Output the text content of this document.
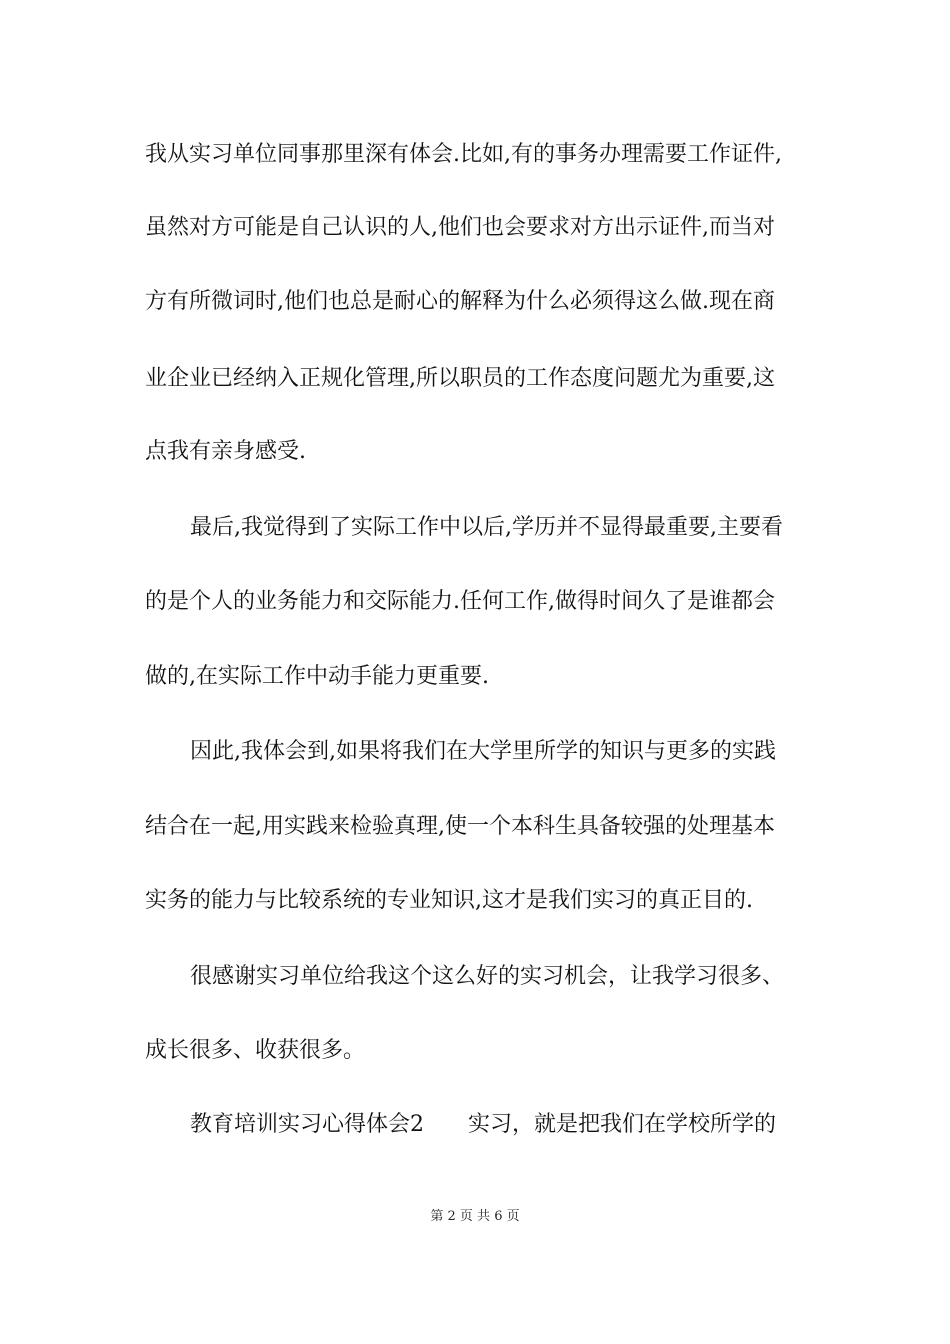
我从实习单位同事那里深有体会.比如,有的事务办理需要工作证件,
虽然对方可能是自己认识的人,他们也会要求对方出示证件,而当对
方有所微词时,他们也总是耐心的解释为什么必须得这么做.现在商
业企业已经纳入正规化管理,所以职员的工作态度问题尤为重要,这
点我有亲身感受.
最后,我觉得到了实际工作中以后,学历并不显得最重要,主要看
的是个人的业务能力和交际能力.任何工作,做得时间久了是谁都会
做的,在实际工作中动手能力更重要.
因此,我体会到,如果将我们在大学里所学的知识与更多的实践
结合在一起,用实践来检验真理,使一个本科生具备较强的处理基本
实务的能力与比较系统的专业知识,这才是我们实习的真正目的.
很感谢实习单位给我这个这么好的实习机会，让我学习很多、
成长很多、收获很多。
教育培训实习心得体会2　　实习，就是把我们在学校所学的
第 2 页 共 6 页
